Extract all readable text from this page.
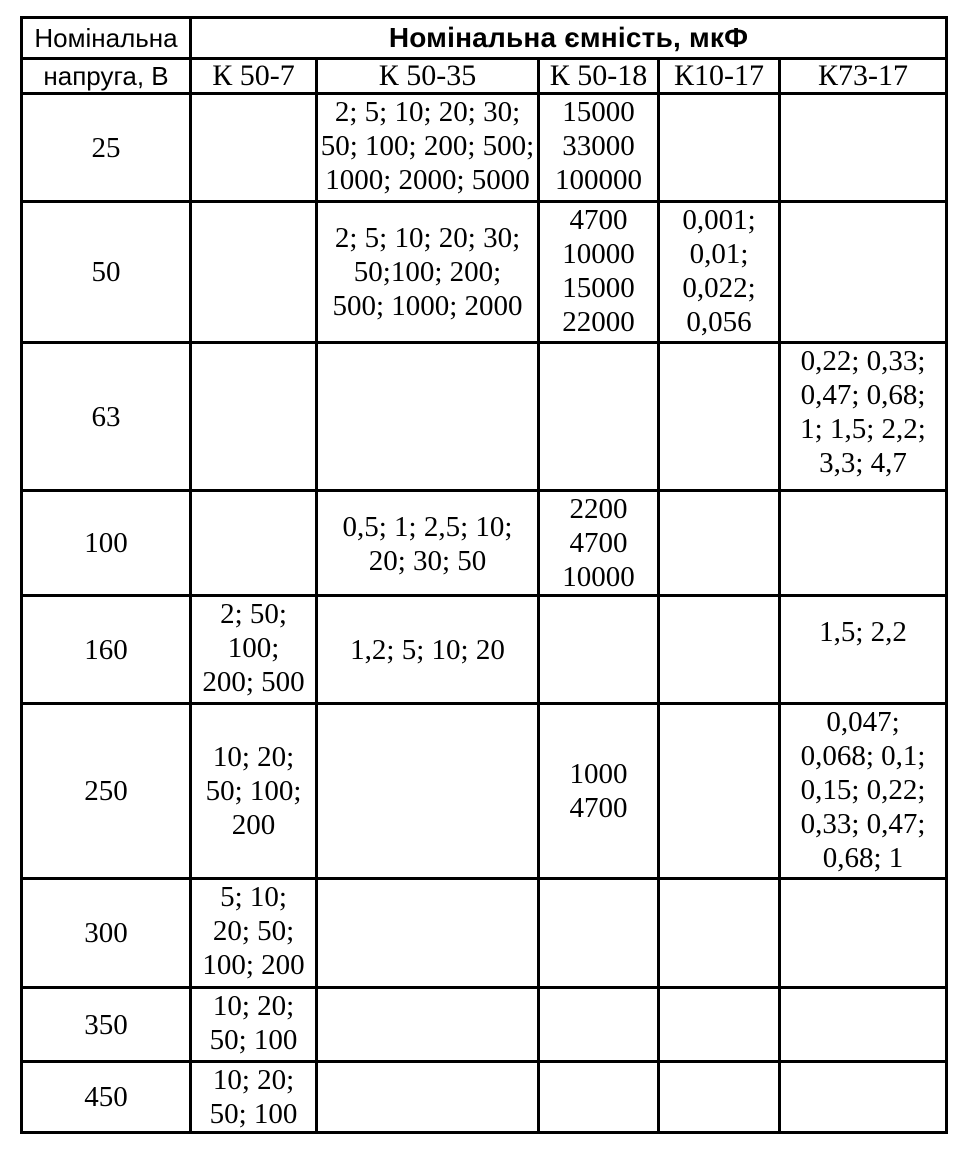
Номінальна	Номінальна ємність, мкФ				
напруга, В	К 50-7	К 50-35	К 50-18	К10-17	К73-17
25		2; 5; 10; 20; 30;
50; 100; 200; 500;
1000; 2000; 5000	15000
33000
100000		

50		2; 5; 10; 20; 30;
50;100; 200;
500; 1000; 2000	4700
10000
15000
22000	0,001;
0,01;
0,022;
0,056	

63					0,22; 0,33;
0,47; 0,68;
1; 1,5; 2,2;
3,3; 4,7

100		0,5; 1; 2,5; 10;
20; 30; 50	2200
4700
10000		

160	2; 50;
100;
200; 500	1,2; 5; 10; 20			1,5; 2,2

250	10; 20;
50; 100;
200		1000
4700		0,047;
0,068; 0,1;
0,15; 0,22;
0,33; 0,47;
0,68; 1

300	5; 10;
20; 50;
100; 200				

350	10; 20;
50; 100				

450	10; 20;
50; 100				
